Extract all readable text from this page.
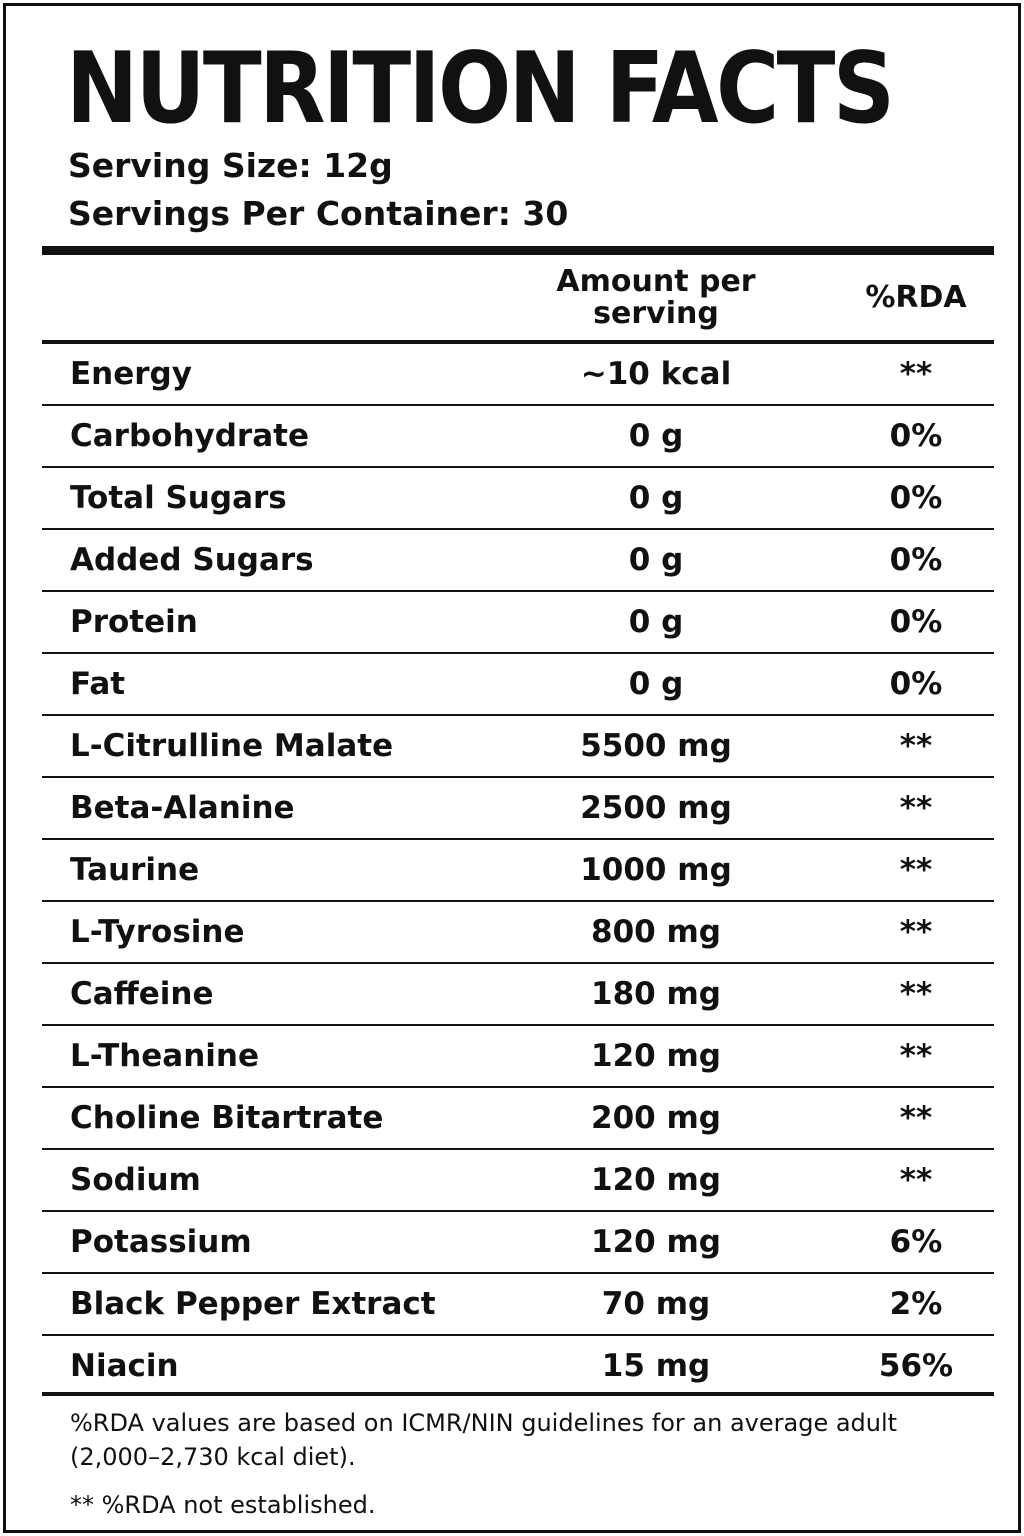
NUTRITION FACTS
Serving Size: 12g
Servings Per Container: 30
Amount per serving	%RDA
Energy	~10 kcal	**
Carbohydrate	0 g	0%
Total Sugars	0 g	0%
Added Sugars	0 g	0%
Protein	0 g	0%
Fat	0 g	0%
L-Citrulline Malate	5500 mg	**
Beta-Alanine	2500 mg	**
Taurine	1000 mg	**
L-Tyrosine	800 mg	**
Caffeine	180 mg	**
L-Theanine	120 mg	**
Choline Bitartrate	200 mg	**
Sodium	120 mg	**
Potassium	120 mg	6%
Black Pepper Extract	70 mg	2%
Niacin	15 mg	56%
%RDA values are based on ICMR/NIN guidelines for an average adult (2,000–2,730 kcal diet).
** %RDA not established.
